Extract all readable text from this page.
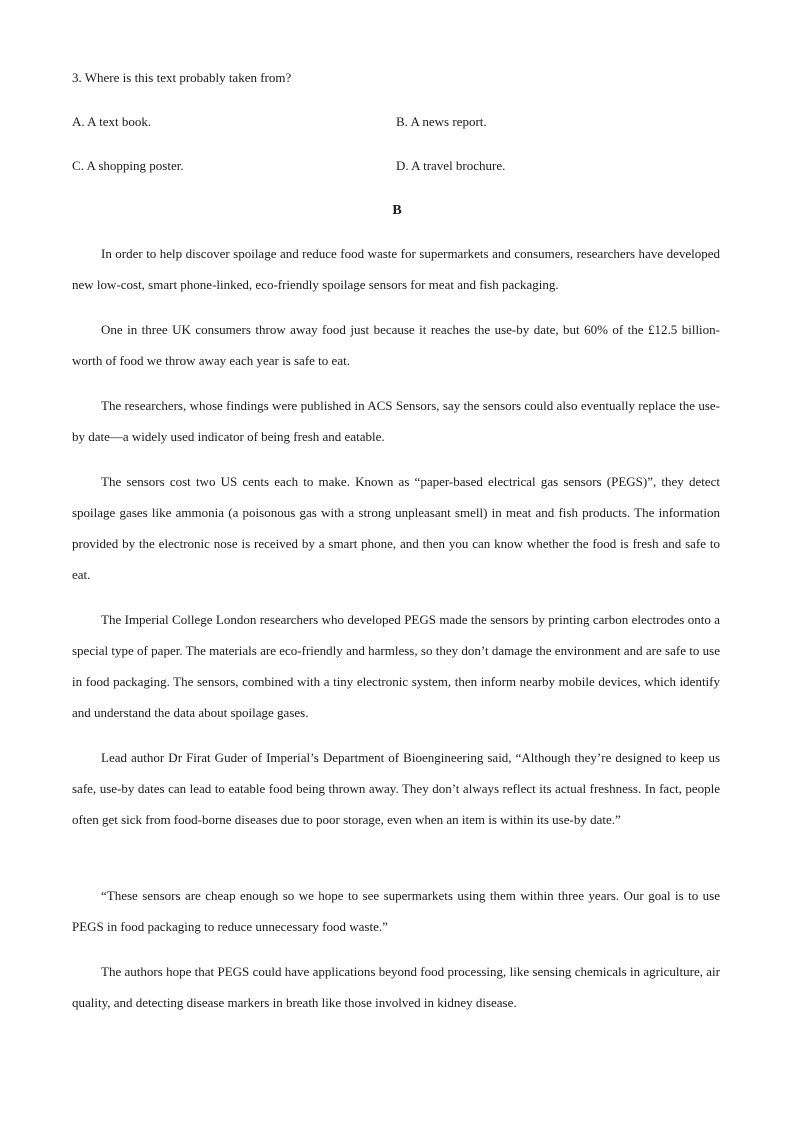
3. Where is this text probably taken from?
A. A text book.	B. A news report.
C. A shopping poster.	D. A travel brochure.
B

In order to help discover spoilage and reduce food waste for supermarkets and consumers, researchers have developed new low-cost, smart phone-linked, eco-friendly spoilage sensors for meat and fish packaging.

One in three UK consumers throw away food just because it reaches the use-by date, but 60% of the £12.5 billion-worth of food we throw away each year is safe to eat.

The researchers, whose findings were published in ACS Sensors, say the sensors could also eventually replace the use-by date—a widely used indicator of being fresh and eatable.

The sensors cost two US cents each to make. Known as “paper-based electrical gas sensors (PEGS)”, they detect spoilage gases like ammonia (a poisonous gas with a strong unpleasant smell) in meat and fish products. The information provided by the electronic nose is received by a smart phone, and then you can know whether the food is fresh and safe to eat.

The Imperial College London researchers who developed PEGS made the sensors by printing carbon electrodes onto a special type of paper. The materials are eco-friendly and harmless, so they don’t damage the environment and are safe to use in food packaging. The sensors, combined with a tiny electronic system, then inform nearby mobile devices, which identify and understand the data about spoilage gases.

Lead author Dr Firat Guder of Imperial’s Department of Bioengineering said, “Although they’re designed to keep us safe, use-by dates can lead to eatable food being thrown away. They don’t always reflect its actual freshness. In fact, people often get sick from food-borne diseases due to poor storage, even when an item is within its use-by date.”

“These sensors are cheap enough so we hope to see supermarkets using them within three years. Our goal is to use PEGS in food packaging to reduce unnecessary food waste.”

The authors hope that PEGS could have applications beyond food processing, like sensing chemicals in agriculture, air quality, and detecting disease markers in breath like those involved in kidney disease.
